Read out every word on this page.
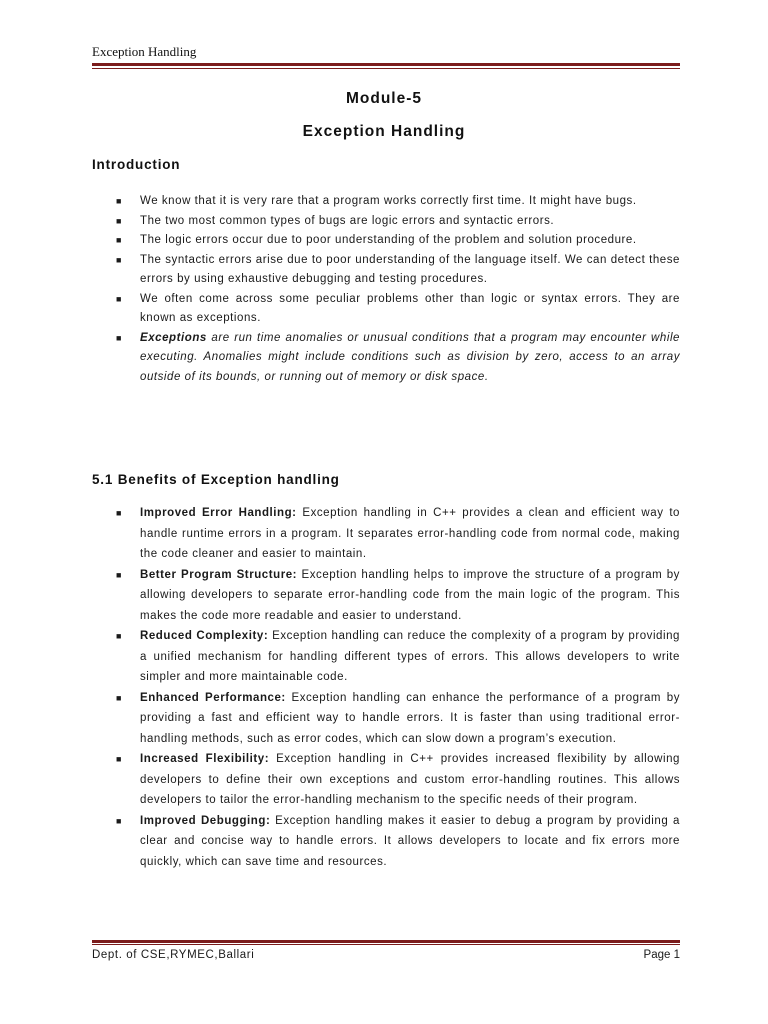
Exception Handling
Module-5
Exception Handling
Introduction
■ We know that it is very rare that a program works correctly first time. It might have bugs.
■ The two most common types of bugs are logic errors and syntactic errors.
■ The logic errors occur due to poor understanding of the problem and solution procedure.
■ The syntactic errors arise due to poor understanding of the language itself. We can detect these errors by using exhaustive debugging and testing procedures.
■ We often come across some peculiar problems other than logic or syntax errors. They are known as exceptions.
■ Exceptions are run time anomalies or unusual conditions that a program may encounter while executing. Anomalies might include conditions such as division by zero, access to an array outside of its bounds, or running out of memory or disk space.
5.1 Benefits of Exception handling
■ Improved Error Handling: Exception handling in C++ provides a clean and efficient way to handle runtime errors in a program. It separates error-handling code from normal code, making the code cleaner and easier to maintain.
■ Better Program Structure: Exception handling helps to improve the structure of a program by allowing developers to separate error-handling code from the main logic of the program. This makes the code more readable and easier to understand.
■ Reduced Complexity: Exception handling can reduce the complexity of a program by providing a unified mechanism for handling different types of errors. This allows developers to write simpler and more maintainable code.
■ Enhanced Performance: Exception handling can enhance the performance of a program by providing a fast and efficient way to handle errors. It is faster than using traditional error-handling methods, such as error codes, which can slow down a program’s execution.
■ Increased Flexibility: Exception handling in C++ provides increased flexibility by allowing developers to define their own exceptions and custom error-handling routines. This allows developers to tailor the error-handling mechanism to the specific needs of their program.
■ Improved Debugging: Exception handling makes it easier to debug a program by providing a clear and concise way to handle errors. It allows developers to locate and fix errors more quickly, which can save time and resources.
Dept. of CSE,RYMEC,Ballari	Page 1
